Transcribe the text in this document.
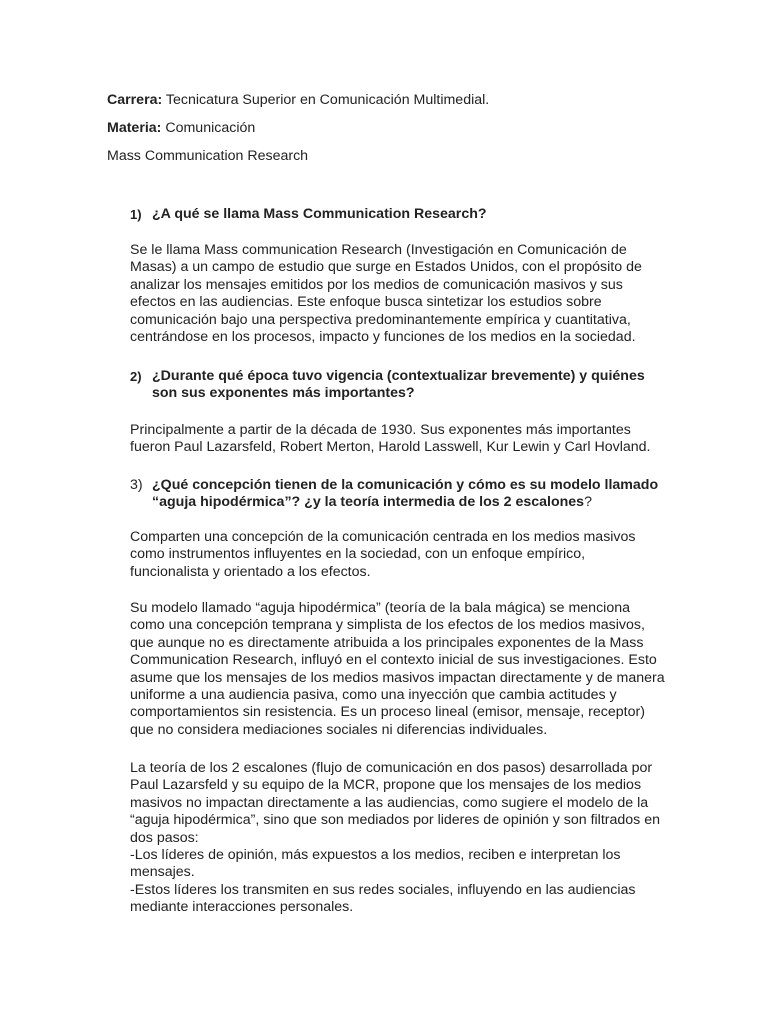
Carrera: Tecnicatura Superior en Comunicación Multimedial.
Materia: Comunicación
Mass Communication Research
1) ¿A qué se llama Mass Communication Research?
Se le llama Mass communication Research (Investigación en Comunicación de
Masas) a un campo de estudio que surge en Estados Unidos, con el propósito de
analizar los mensajes emitidos por los medios de comunicación masivos y sus
efectos en las audiencias. Este enfoque busca sintetizar los estudios sobre
comunicación bajo una perspectiva predominantemente empírica y cuantitativa,
centrándose en los procesos, impacto y funciones de los medios en la sociedad.
2) ¿Durante qué época tuvo vigencia (contextualizar brevemente) y quiénes
son sus exponentes más importantes?
Principalmente a partir de la década de 1930. Sus exponentes más importantes
fueron Paul Lazarsfeld, Robert Merton, Harold Lasswell, Kur Lewin y Carl Hovland.
3) ¿Qué concepción tienen de la comunicación y cómo es su modelo llamado
“aguja hipodérmica”? ¿y la teoría intermedia de los 2 escalones?
Comparten una concepción de la comunicación centrada en los medios masivos
como instrumentos influyentes en la sociedad, con un enfoque empírico,
funcionalista y orientado a los efectos.
Su modelo llamado “aguja hipodérmica” (teoría de la bala mágica) se menciona
como una concepción temprana y simplista de los efectos de los medios masivos,
que aunque no es directamente atribuida a los principales exponentes de la Mass
Communication Research, influyó en el contexto inicial de sus investigaciones. Esto
asume que los mensajes de los medios masivos impactan directamente y de manera
uniforme a una audiencia pasiva, como una inyección que cambia actitudes y
comportamientos sin resistencia. Es un proceso lineal (emisor, mensaje, receptor)
que no considera mediaciones sociales ni diferencias individuales.
La teoría de los 2 escalones (flujo de comunicación en dos pasos) desarrollada por
Paul Lazarsfeld y su equipo de la MCR, propone que los mensajes de los medios
masivos no impactan directamente a las audiencias, como sugiere el modelo de la
“aguja hipodérmica”, sino que son mediados por lideres de opinión y son filtrados en
dos pasos:
-Los líderes de opinión, más expuestos a los medios, reciben e interpretan los
mensajes.
-Estos líderes los transmiten en sus redes sociales, influyendo en las audiencias
mediante interacciones personales.
